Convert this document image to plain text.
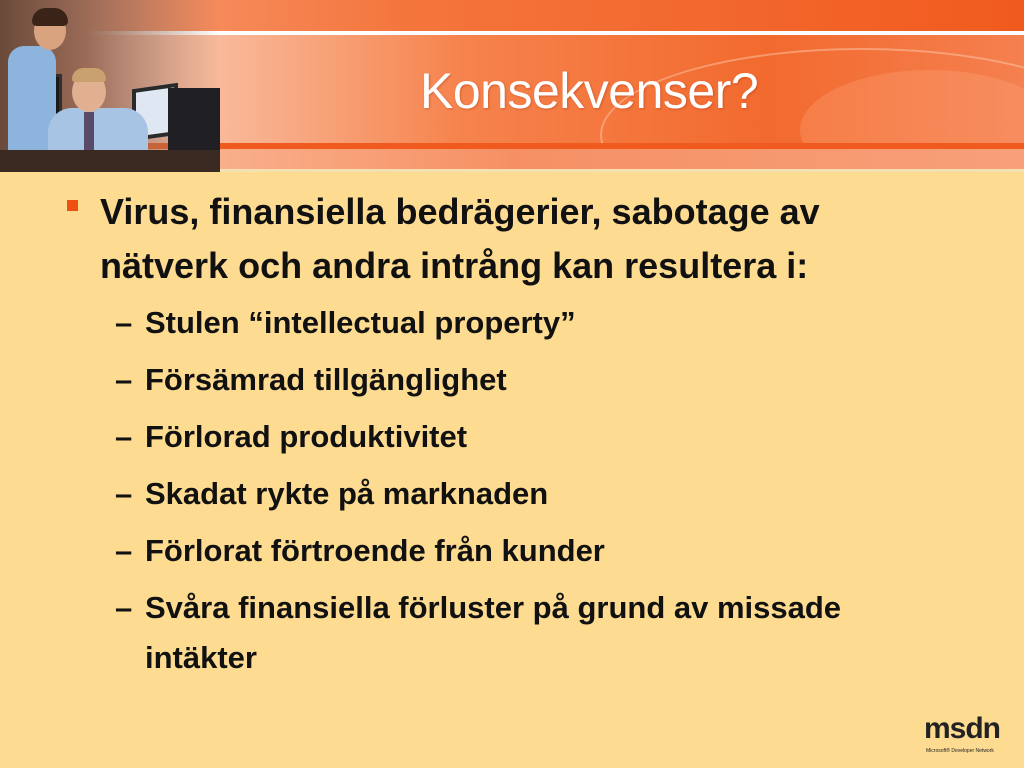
Konsekvenser?
Virus, finansiella bedrägerier, sabotage av
nätverk och andra intrång kan resultera i:
– Stulen “intellectual property”
– Försämrad tillgänglighet
– Förlorad produktivitet
– Skadat rykte på marknaden
– Förlorat förtroende från kunder
– Svåra finansiella förluster på grund av missade
intäkter
msdn
Microsoft® Developer Network
